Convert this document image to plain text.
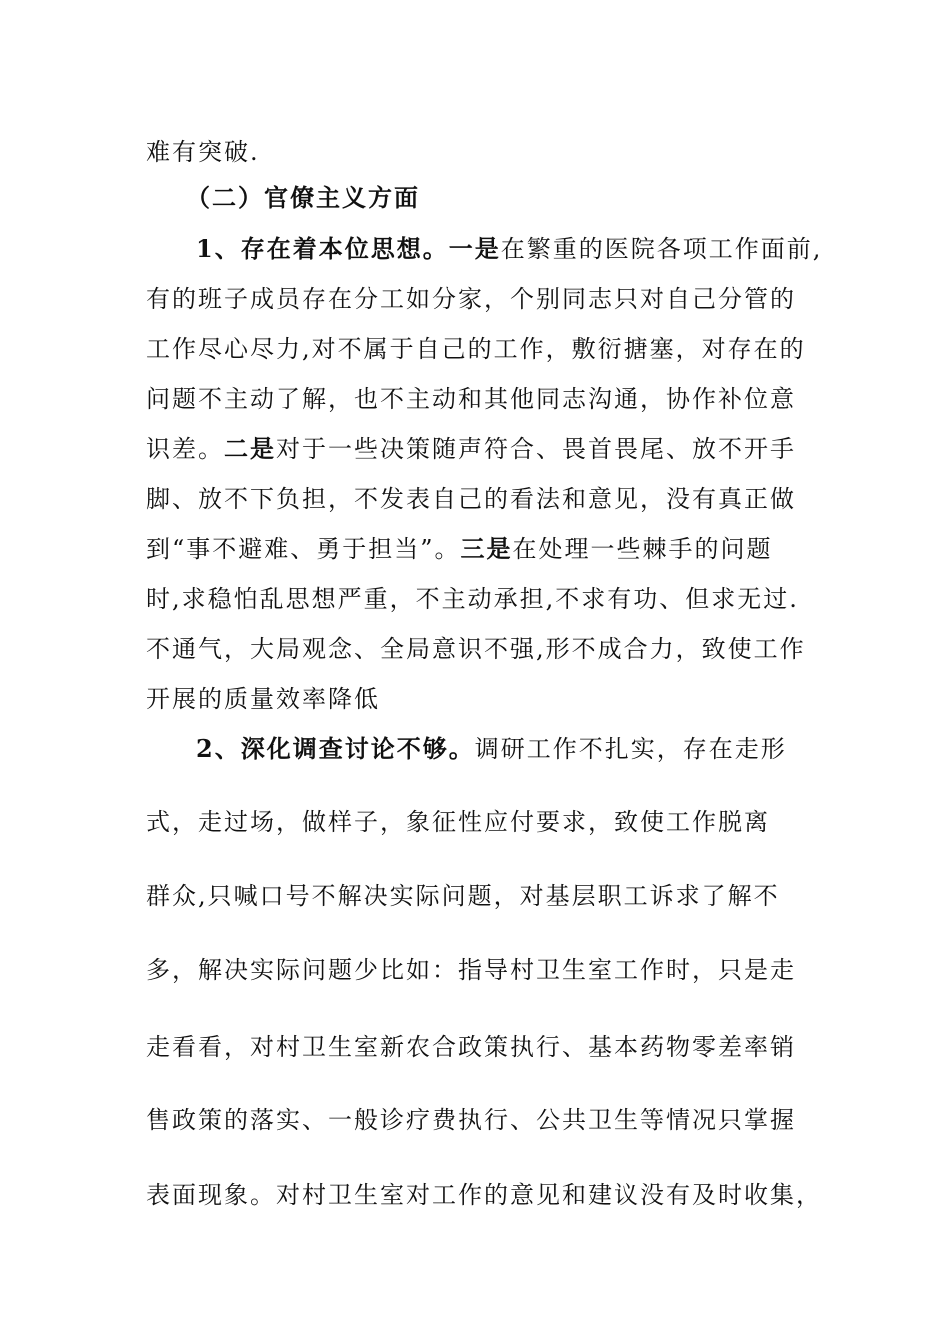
难有突破.
（二）官僚主义方面
1、存在着本位思想。一是在繁重的医院各项工作面前,
有的班子成员存在分工如分家，个别同志只对自己分管的
工作尽心尽力,对不属于自己的工作，敷衍搪塞，对存在的
问题不主动了解，也不主动和其他同志沟通，协作补位意
识差。二是对于一些决策随声符合、畏首畏尾、放不开手
脚、放不下负担，不发表自己的看法和意见，没有真正做
到“事不避难、勇于担当”。三是在处理一些棘手的问题
时,求稳怕乱思想严重，不主动承担,不求有功、但求无过.
不通气，大局观念、全局意识不强,形不成合力，致使工作
开展的质量效率降低
2、深化调查讨论不够。调研工作不扎实，存在走形
式，走过场，做样子，象征性应付要求，致使工作脱离
群众,只喊口号不解决实际问题，对基层职工诉求了解不
多，解决实际问题少比如：指导村卫生室工作时，只是走
走看看，对村卫生室新农合政策执行、基本药物零差率销
售政策的落实、一般诊疗费执行、公共卫生等情况只掌握
表面现象。对村卫生室对工作的意见和建议没有及时收集，
